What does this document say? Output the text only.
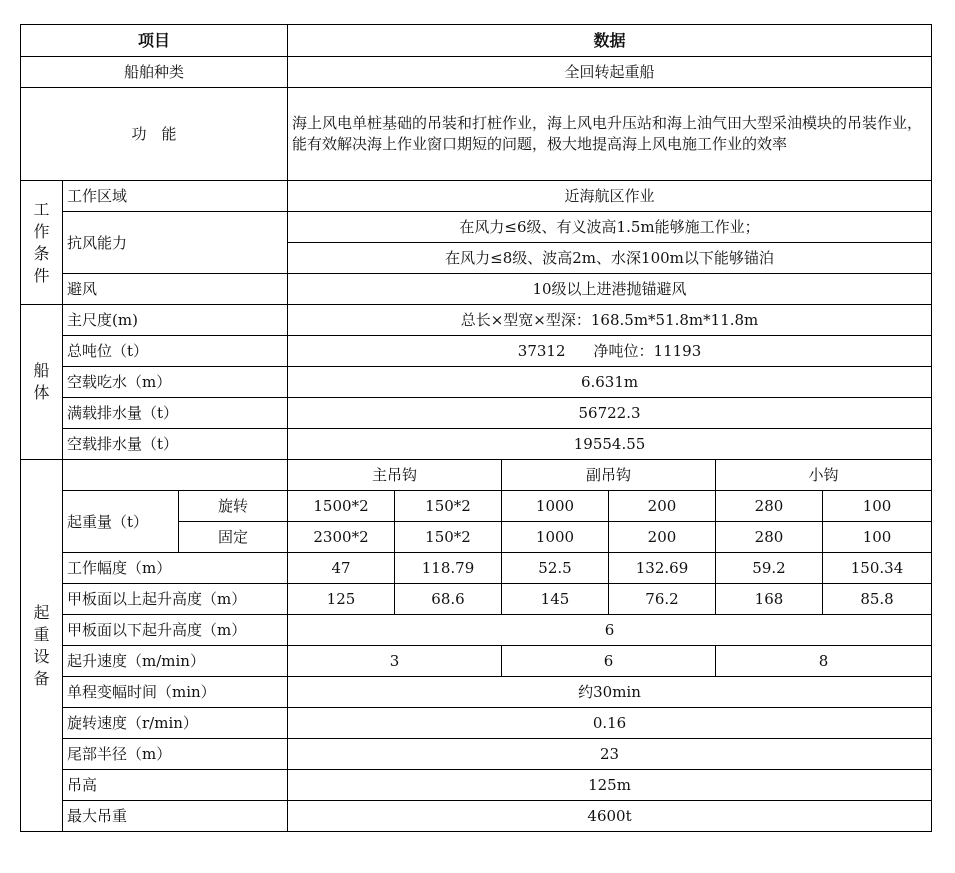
项目			数据					
船舶种类			全回转起重船					
功　能			海上风电单桩基础的吊装和打桩作业，海上风电升压站和海上油气田大型采油模块的吊装作业，能有效解决海上作业窗口期短的问题，极大地提高海上风电施工作业的效率					
工作条件	工作区域		近海航区作业					
	抗风能力		在风力≤6级、有义波高1.5m能够施工作业；					
			在风力≤8级、波高2m、水深100m以下能够锚泊					
	避风		10级以上进港抛锚避风					
船体	主尺度(m)		总长×型宽×型深：168.5m*51.8m*11.8m					
	总吨位（t）		37312 净吨位：11193					
	空载吃水（m）		6.631m					
	满载排水量（t）		56722.3					
	空载排水量（t）		19554.55					
起重设备			主吊钩		副吊钩		小钩	
	起重量（t）	旋转	1500*2	150*2	1000	200	280	100
		固定	2300*2	150*2	1000	200	280	100
	工作幅度（m）		47	118.79	52.5	132.69	59.2	150.34
	甲板面以上起升高度（m）		125	68.6	145	76.2	168	85.8
	甲板面以下起升高度（m）		6					
	起升速度（m/min）		3		6		8	
	单程变幅时间（min）		约30min					
	旋转速度（r/min）		0.16					
	尾部半径（m）		23					
	吊高		125m					
	最大吊重		4600t					
